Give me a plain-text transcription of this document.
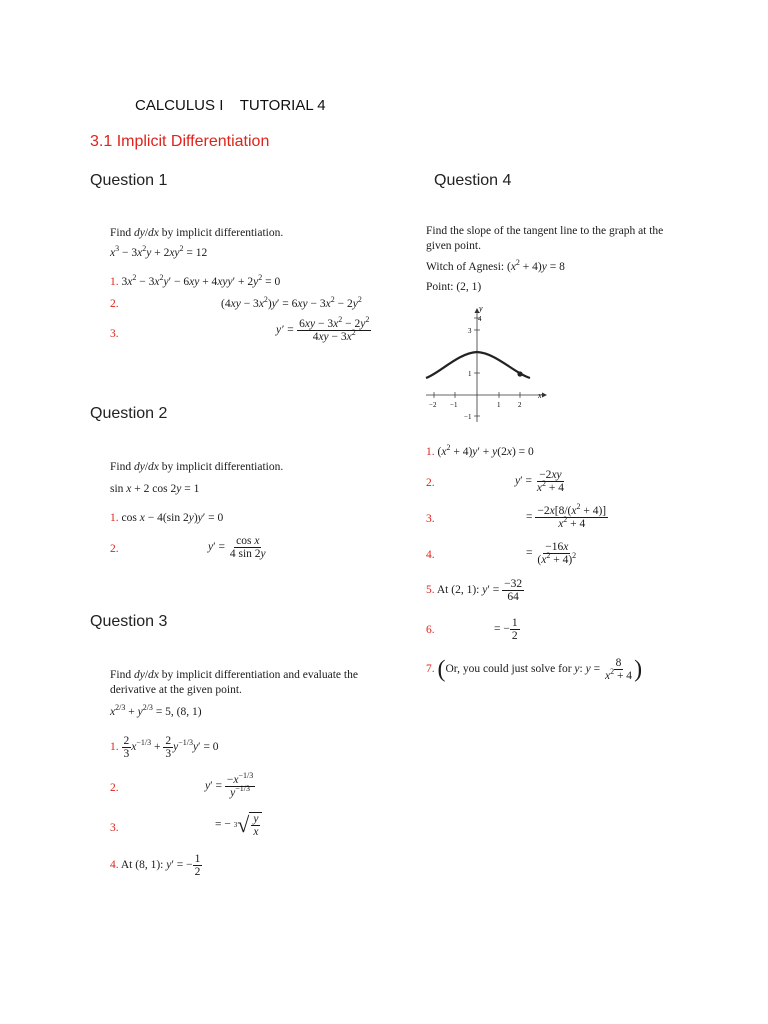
CALCULUS I TUTORIAL 4
3.1 Implicit Differentiation
Question 1
Find dy/dx by implicit differentiation.
$x^3 - 3x^2y + 2xy^2 = 12$
1. $3x^2 - 3x^2y' - 6xy + 4xyy' + 2y^2 = 0$
2.	$(4xy - 3x^2)y' = 6xy - 3x^2 - 2y^2$
3.	$y' = \frac{6xy - 3x^2 - 2y^2}{4xy - 3x^2}$
Question 2
Find dy/dx by implicit differentiation.
sin x + 2 cos 2y = 1
1. cos x − 4(sin 2y)y′ = 0
2.	$y' = \frac{\text{cos x}}{4 \sin 2y}$
Question 3
Find dy/dx by implicit differentiation and evaluate the derivative at the given point.
$x^{2/3} + y^{2/3} = 5$, (8, 1)
1. $\frac{2}{3} x^{-1/3} + \frac{2}{3} y^{-1/3}y' = 0$
2.	$y' = \frac{-x^{-1/3}}{y^{-1/3}}$
3.	= − 3 √ $\frac{y}{x}$
4. At (8, 1): y′ = − $\frac{1}{2}$
Question 4
Find the slope of the tangent line to the graph at the given point.
Witch of Agnesi: $(x^2 + 4)y = 8$
Point: (2, 1)
y
4
3
1
−1
x
−2 −1	1	2
1. $(x^2 + 4)y' + y(2x) = 0$
2.	$y' = \frac{-2xy}{x^2 + 4}$
3.	= $\frac{-2x[8/(x^2 + 4)]}{x^2 + 4}$
4.	= $\frac{-16x}{(x^2 + 4)^2}$
5. At (2, 1): $y' = \frac{-32}{64}$
6.	= − $\frac{1}{2}$
7. (Or, you could just solve for y: $y = \frac{8}{x^2 + 4}$ )
